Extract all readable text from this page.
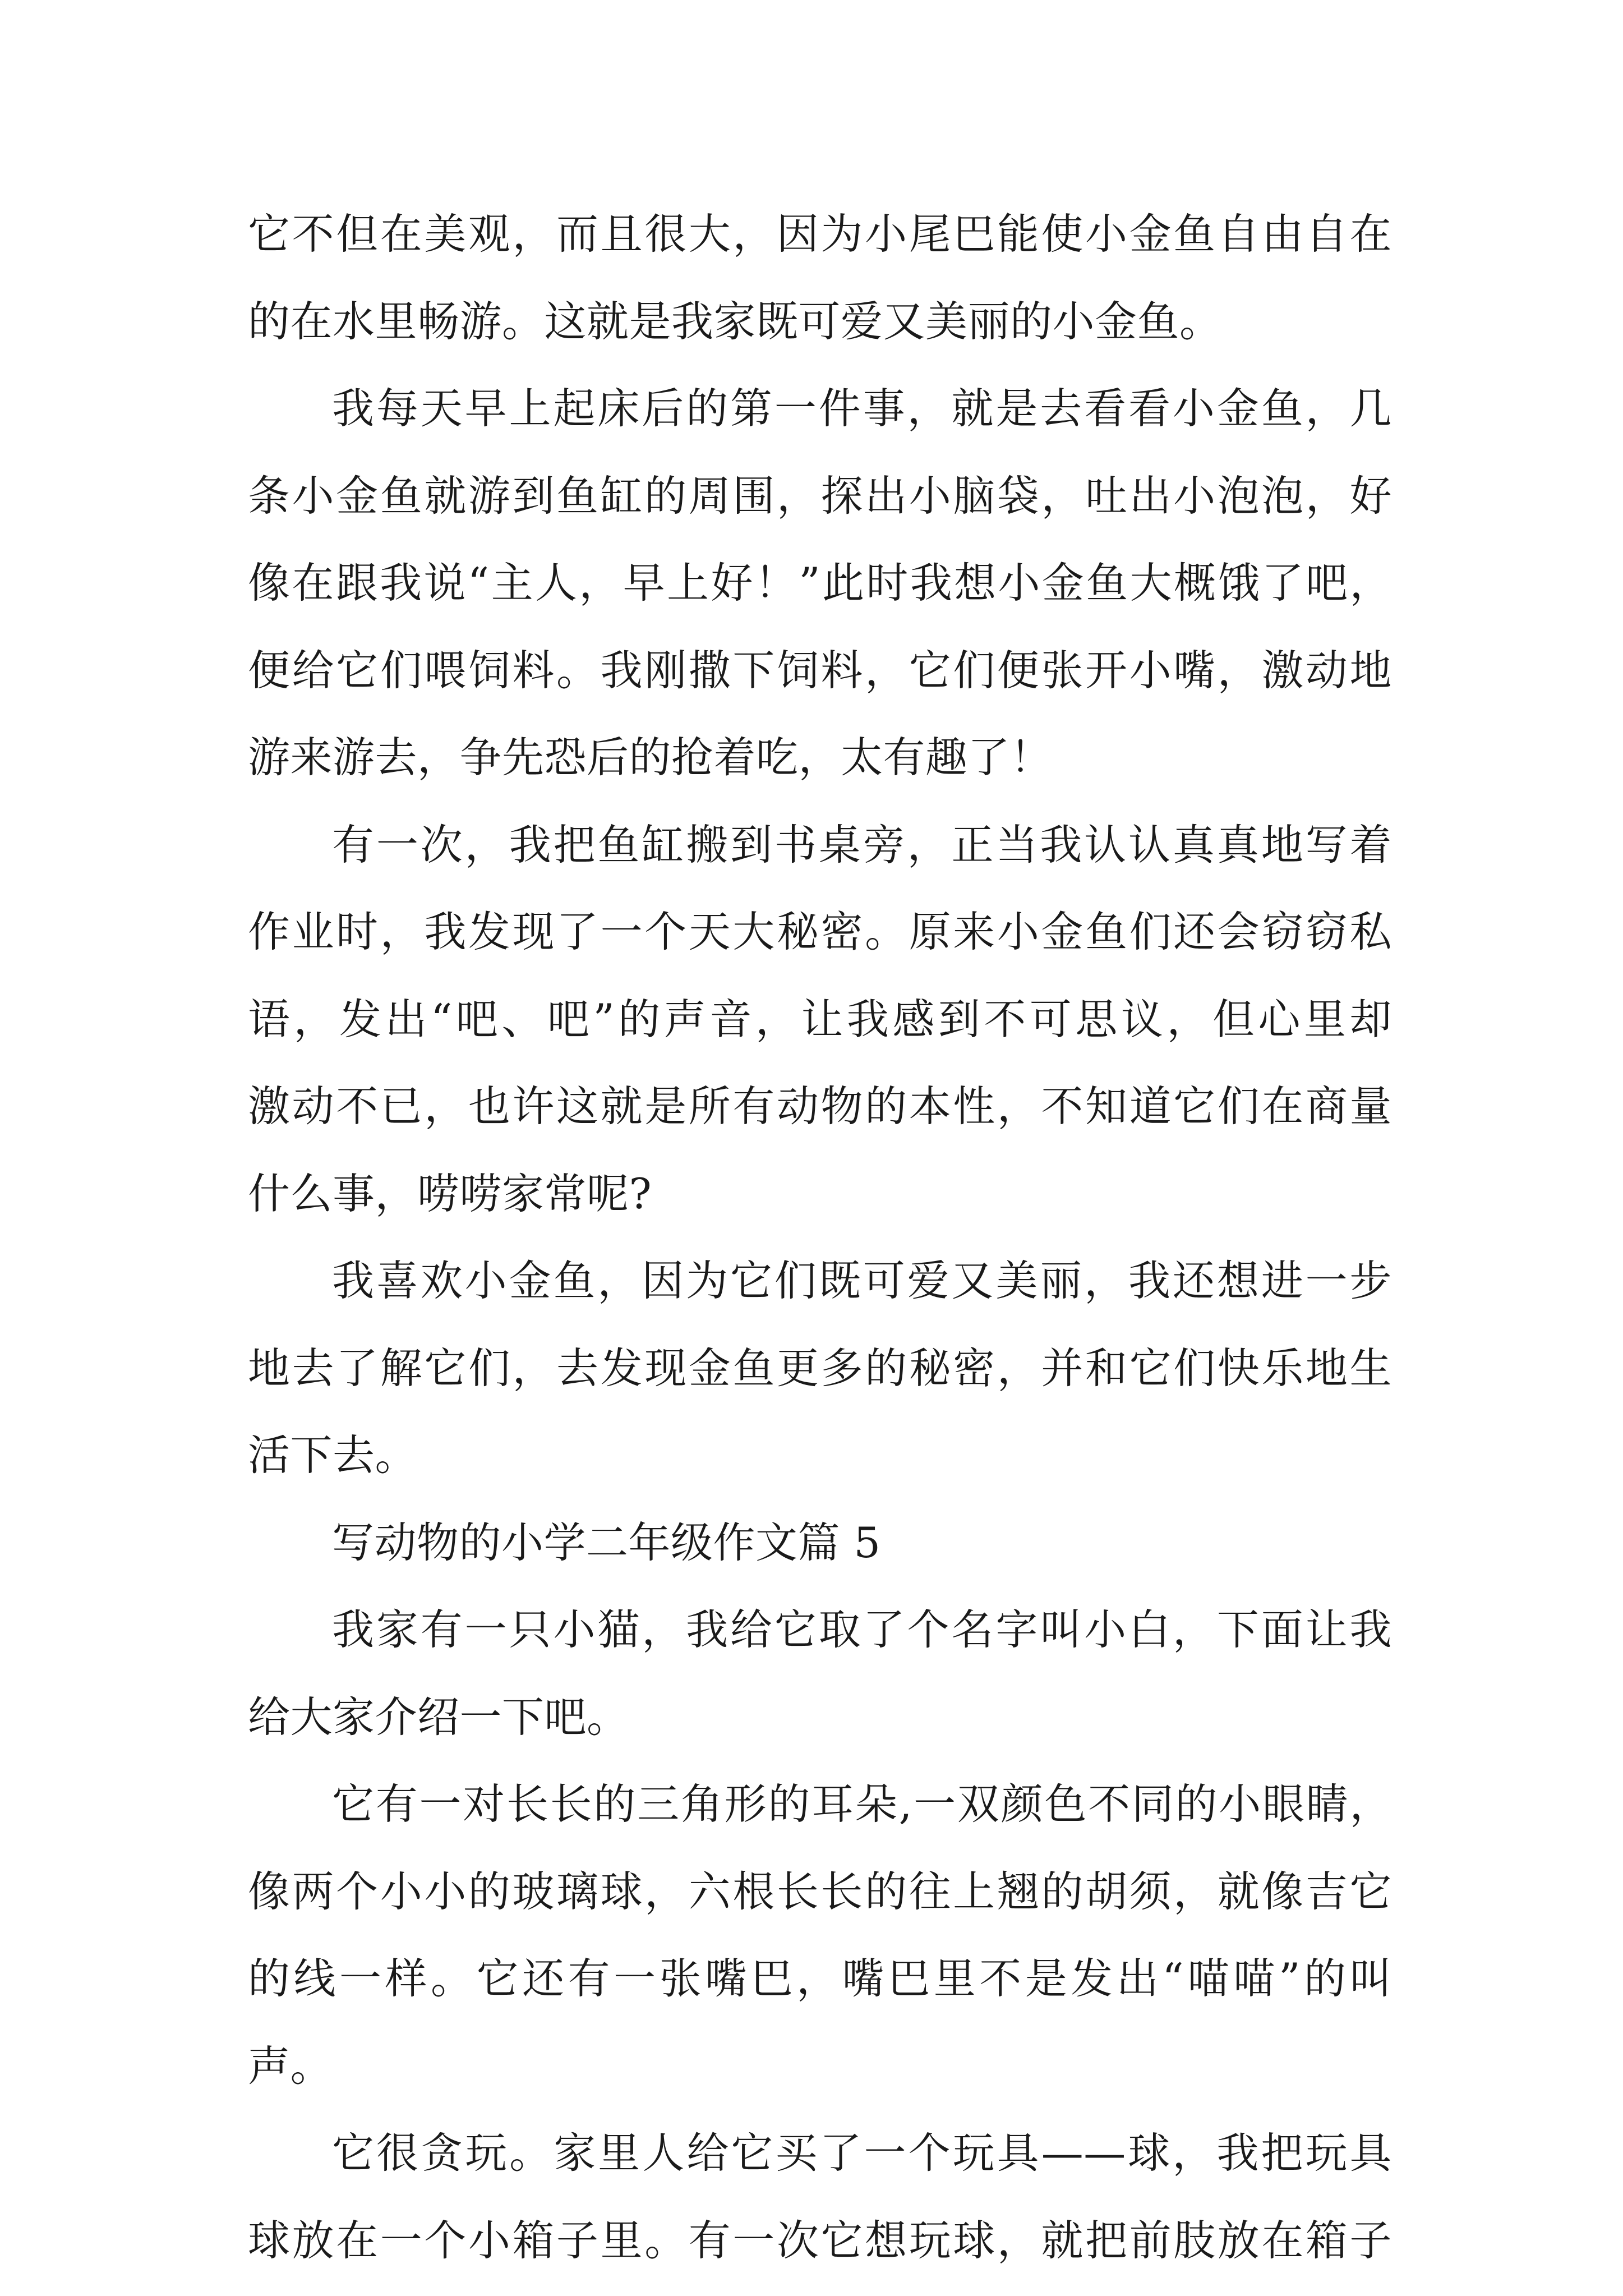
它不但在美观，而且很大，因为小尾巴能使小金鱼自由自在
的在水里畅游。这就是我家既可爱又美丽的小金鱼。

我每天早上起床后的第一件事，就是去看看小金鱼，几
条小金鱼就游到鱼缸的周围，探出小脑袋，吐出小泡泡，好
像在跟我说“主人，早上好！”此时我想小金鱼大概饿了吧，
便给它们喂饲料。我刚撒下饲料，它们便张开小嘴，激动地
游来游去，争先恐后的抢着吃，太有趣了！

有一次，我把鱼缸搬到书桌旁，正当我认认真真地写着
作业时，我发现了一个天大秘密。原来小金鱼们还会窃窃私
语，发出“吧、吧”的声音，让我感到不可思议，但心里却
激动不已，也许这就是所有动物的本性，不知道它们在商量
什么事，唠唠家常呢?

我喜欢小金鱼，因为它们既可爱又美丽，我还想进一步
地去了解它们，去发现金鱼更多的秘密，并和它们快乐地生
活下去。

写动物的小学二年级作文篇 5

我家有一只小猫，我给它取了个名字叫小白，下面让我
给大家介绍一下吧。

它有一对长长的三角形的耳朵,一双颜色不同的小眼睛，
像两个小小的玻璃球，六根长长的往上翘的胡须，就像吉它
的线一样。它还有一张嘴巴，嘴巴里不是发出“喵喵”的叫
声。

它很贪玩。家里人给它买了一个玩具——球，我把玩具
球放在一个小箱子里。有一次它想玩球，就把前肢放在箱子
